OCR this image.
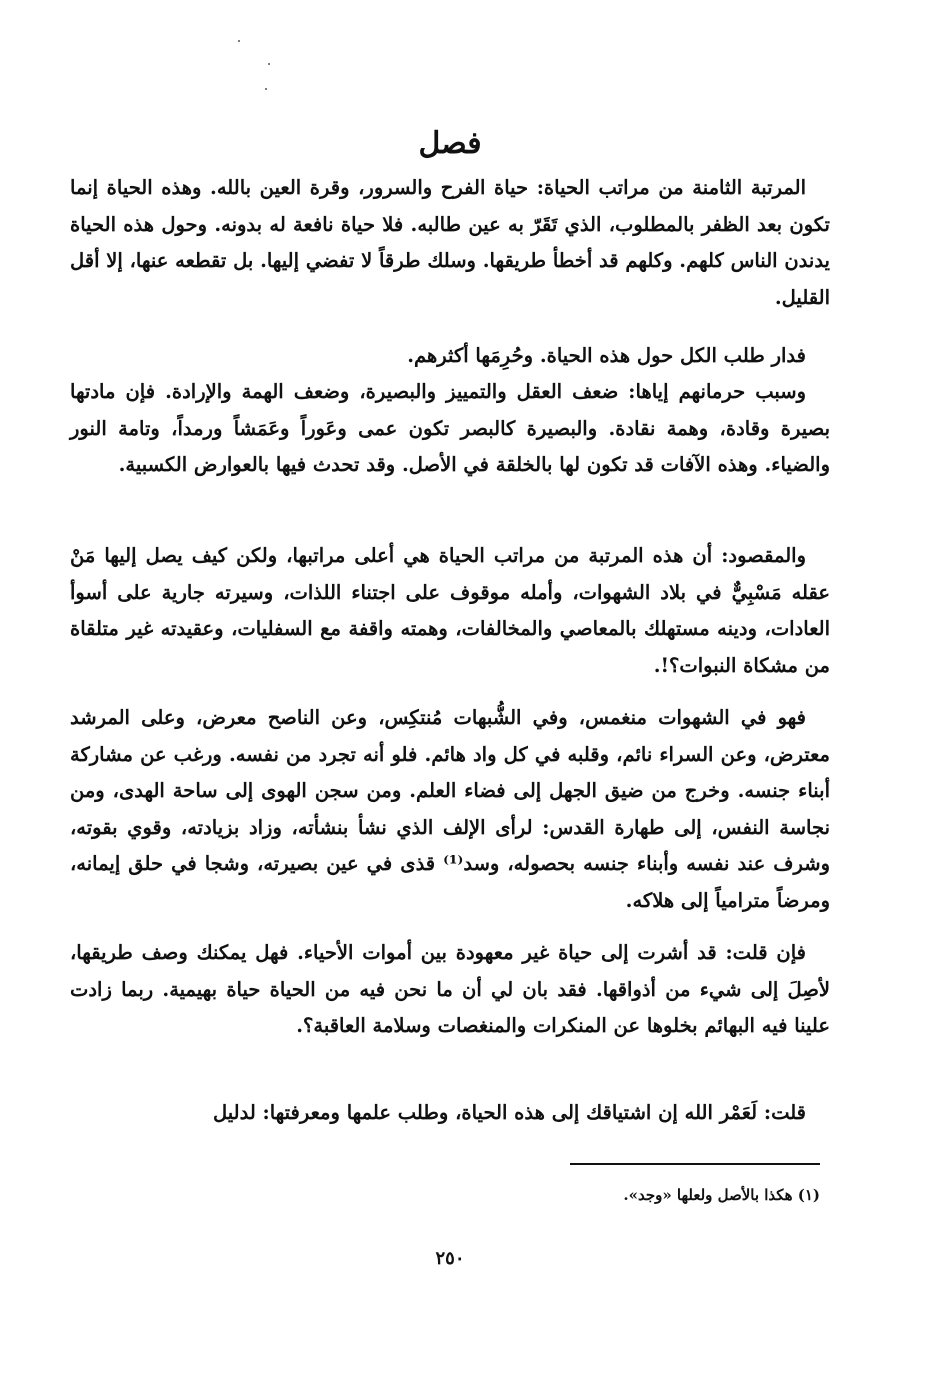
فصل

المرتبة الثامنة من مراتب الحياة: حياة الفرح والسرور، وقرة العين بالله. وهذه الحياة إنما تكون بعد الظفر بالمطلوب، الذي تَقَرّ به عين طالبه. فلا حياة نافعة له بدونه. وحول هذه الحياة يدندن الناس كلهم. وكلهم قد أخطأ طريقها. وسلك طرقاً لا تفضي إليها. بل تقطعه عنها، إلا أقل القليل.

فدار طلب الكل حول هذه الحياة. وحُرِمَها أكثرهم.

وسبب حرمانهم إياها: ضعف العقل والتمييز والبصيرة، وضعف الهمة والإرادة. فإن مادتها بصيرة وقادة، وهمة نقادة. والبصيرة كالبصر تكون عمى وعَوراً وعَمَشاً ورمداً، وتامة النور والضياء. وهذه الآفات قد تكون لها بالخلقة في الأصل. وقد تحدث فيها بالعوارض الكسبية.

والمقصود: أن هذه المرتبة من مراتب الحياة هي أعلى مراتبها، ولكن كيف يصل إليها مَنْ عقله مَسْبِيٌّ في بلاد الشهوات، وأمله موقوف على اجتناء اللذات، وسيرته جارية على أسوأ العادات، ودينه مستهلك بالمعاصي والمخالفات، وهمته واقفة مع السفليات، وعقيدته غير متلقاة من مشكاة النبوات؟!.

فهو في الشهوات منغمس، وفي الشُّبهات مُنتكِس، وعن الناصح معرض، وعلى المرشد معترض، وعن السراء نائم، وقلبه في كل واد هائم. فلو أنه تجرد من نفسه. ورغب عن مشاركة أبناء جنسه. وخرج من ضيق الجهل إلى فضاء العلم. ومن سجن الهوى إلى ساحة الهدى، ومن نجاسة النفس، إلى طهارة القدس: لرأى الإلف الذي نشأ بنشأته، وزاد بزيادته، وقوي بقوته، وشرف عند نفسه وأبناء جنسه بحصوله، وسد⁽¹⁾ قذى في عين بصيرته، وشجا في حلق إيمانه، ومرضاً مترامياً إلى هلاكه.

فإن قلت: قد أشرت إلى حياة غير معهودة بين أموات الأحياء. فهل يمكنك وصف طريقها، لأصِلَ إلى شيء من أذواقها. فقد بان لي أن ما نحن فيه من الحياة حياة بهيمية. ربما زادت علينا فيه البهائم بخلوها عن المنكرات والمنغصات وسلامة العاقبة؟.

قلت: لَعَمْر الله إن اشتياقك إلى هذه الحياة، وطلب علمها ومعرفتها: لدليل

(١) هكذا بالأصل ولعلها «وجد».

٢٥٠
